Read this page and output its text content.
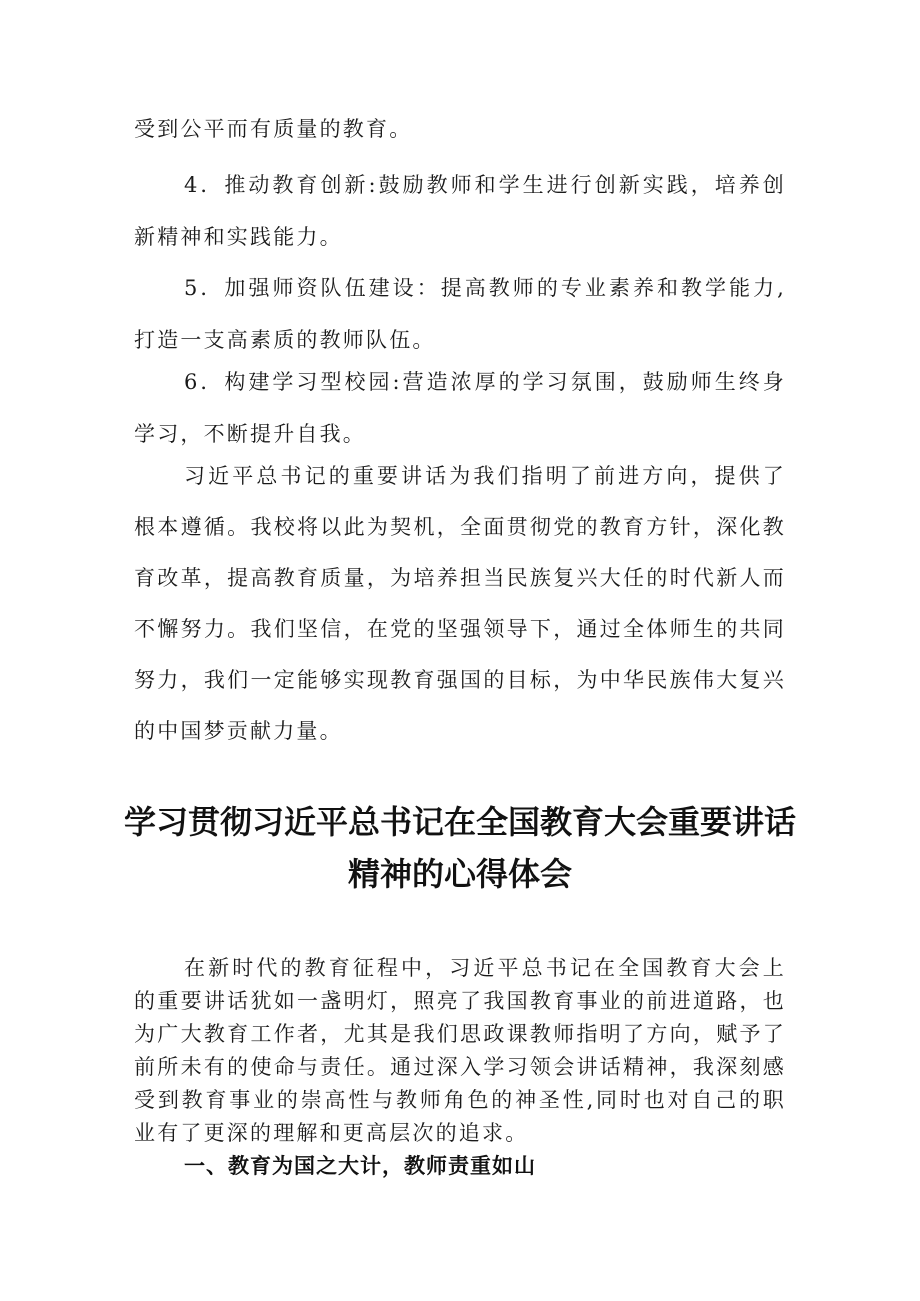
受到公平而有质量的教育。

4．推动教育创新:鼓励教师和学生进行创新实践，培养创新精神和实践能力。

5．加强师资队伍建设：提高教师的专业素养和教学能力,打造一支高素质的教师队伍。

6．构建学习型校园:营造浓厚的学习氛围，鼓励师生终身学习，不断提升自我。

习近平总书记的重要讲话为我们指明了前进方向，提供了根本遵循。我校将以此为契机，全面贯彻党的教育方针，深化教育改革，提高教育质量，为培养担当民族复兴大任的时代新人而不懈努力。我们坚信，在党的坚强领导下，通过全体师生的共同努力，我们一定能够实现教育强国的目标，为中华民族伟大复兴的中国梦贡献力量。

学习贯彻习近平总书记在全国教育大会重要讲话精神的心得体会

在新时代的教育征程中，习近平总书记在全国教育大会上的重要讲话犹如一盏明灯，照亮了我国教育事业的前进道路，也为广大教育工作者，尤其是我们思政课教师指明了方向，赋予了前所未有的使命与责任。通过深入学习领会讲话精神，我深刻感受到教育事业的崇高性与教师角色的神圣性,同时也对自己的职业有了更深的理解和更高层次的追求。

一、教育为国之大计，教师责重如山
